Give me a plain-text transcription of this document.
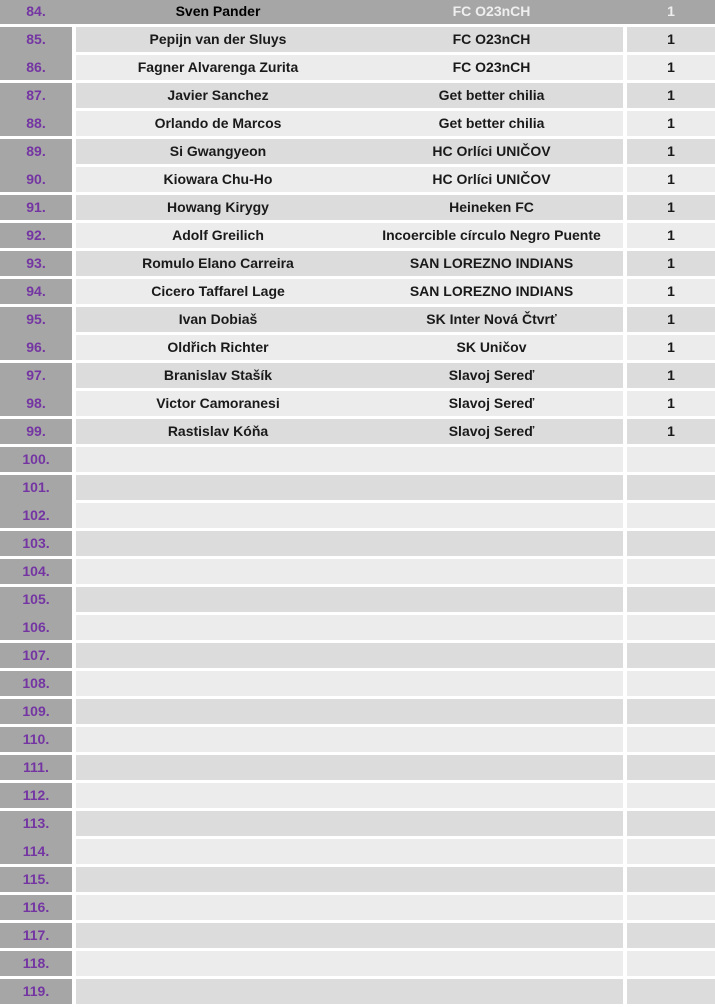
84.	Sven Pander	FC O23nCH	1
85.	Pepijn van der Sluys	FC O23nCH	1
86.	Fagner Alvarenga Zurita	FC O23nCH	1
87.	Javier Sanchez	Get better chilia	1
88.	Orlando de Marcos	Get better chilia	1
89.	Si Gwangyeon	HC Orlíci UNIČOV	1
90.	Kiowara Chu-Ho	HC Orlíci UNIČOV	1
91.	Howang Kirygy	Heineken FC	1
92.	Adolf Greilich	Incoercible círculo Negro Puente	1
93.	Romulo Elano Carreira	SAN LOREZNO INDIANS	1
94.	Cicero Taffarel Lage	SAN LOREZNO INDIANS	1
95.	Ivan Dobiaš	SK Inter Nová Čtvrť	1
96.	Oldřich Richter	SK Uničov	1
97.	Branislav Stašík	Slavoj Sereď	1
98.	Victor Camoranesi	Slavoj Sereď	1
99.	Rastislav Kóňa	Slavoj Sereď	1
100.
101.
102.
103.
104.
105.
106.
107.
108.
109.
110.
111.
112.
113.
114.
115.
116.
117.
118.
119.
